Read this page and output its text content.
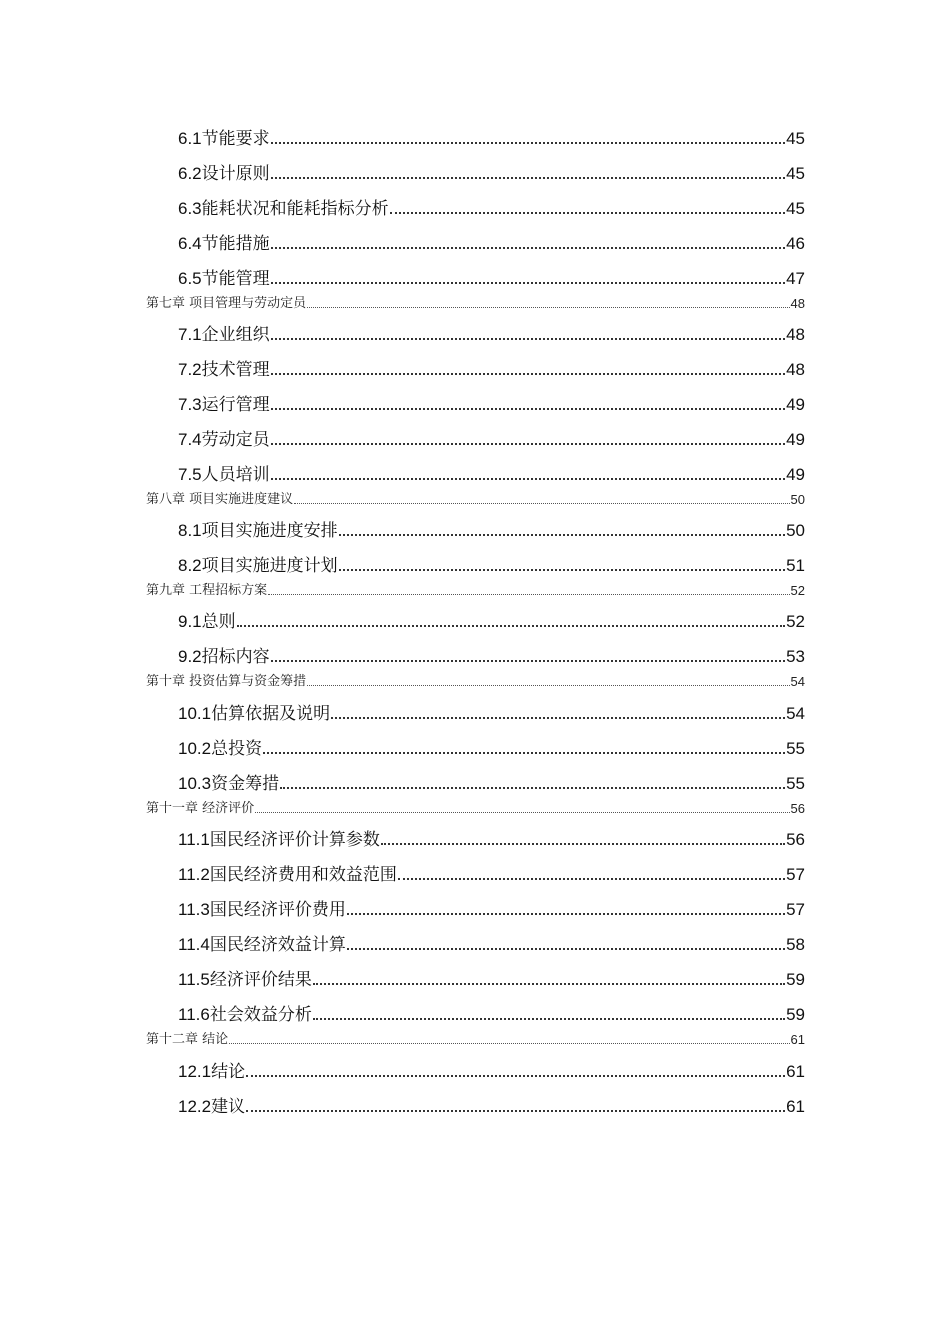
6.1 节能要求	45
6.2 设计原则	45
6.3 能耗状况和能耗指标分析	45
6.4 节能措施	46
6.5 节能管理	47
第七章 项目管理与劳动定员	48
7.1 企业组织	48
7.2 技术管理	48
7.3 运行管理	49
7.4 劳动定员	49
7.5 人员培训	49
第八章 项目实施进度建议	50
8.1 项目实施进度安排	50
8.2 项目实施进度计划	51
第九章 工程招标方案	52
9.1 总则	52
9.2 招标内容	53
第十章 投资估算与资金筹措	54
10.1 估算依据及说明	54
10.2 总投资	55
10.3 资金筹措	55
第十一章 经济评价	56
11.1 国民经济评价计算参数	56
11.2 国民经济费用和效益范围	57
11.3 国民经济评价费用	57
11.4 国民经济效益计算	58
11.5 经济评价结果	59
11.6 社会效益分析	59
第十二章 结论	61
12.1 结论	61
12.2 建议	61
